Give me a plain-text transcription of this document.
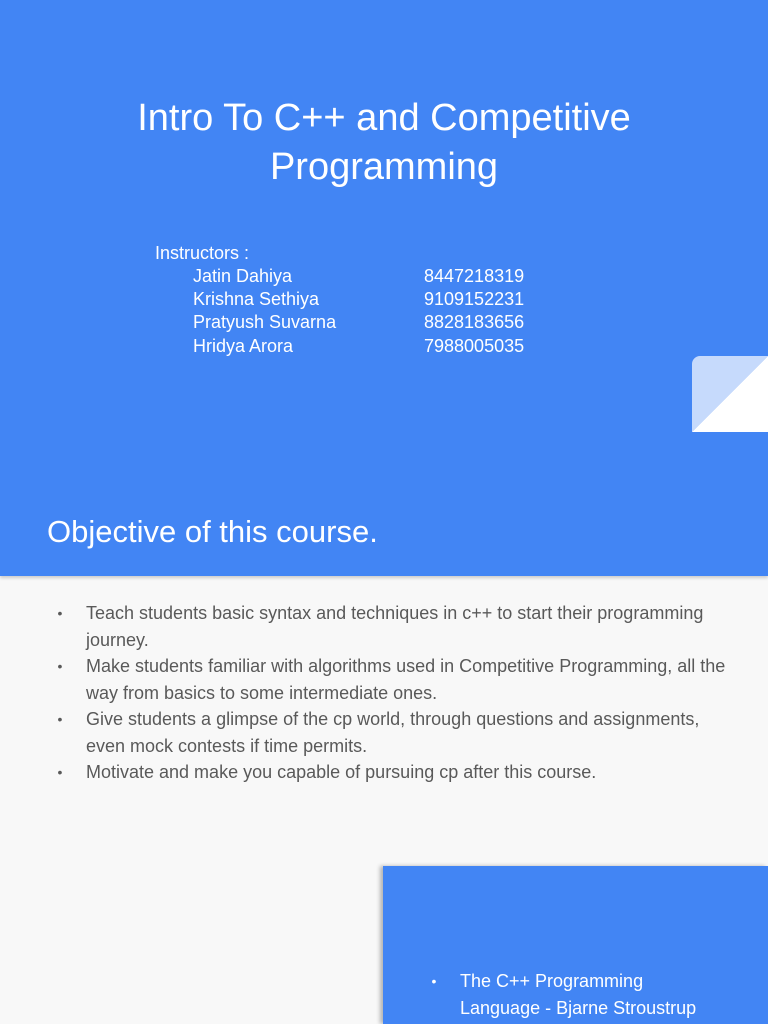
Intro To C++ and Competitive
Programming
Instructors :
Jatin Dahiya	8447218319
Krishna Sethiya	9109152231
Pratyush Suvarna	8828183656
Hridya Arora	7988005035
Objective of this course.
•	Teach students basic syntax and techniques in c++ to start their programming journey.
•	Make students familiar with algorithms used in Competitive Programming, all the way from basics to some intermediate ones.
•	Give students a glimpse of the cp world, through questions and assignments, even mock contests if time permits.
•	Motivate and make you capable of pursuing cp after this course.
• The C++ Programming Language - Bjarne Stroustrup
